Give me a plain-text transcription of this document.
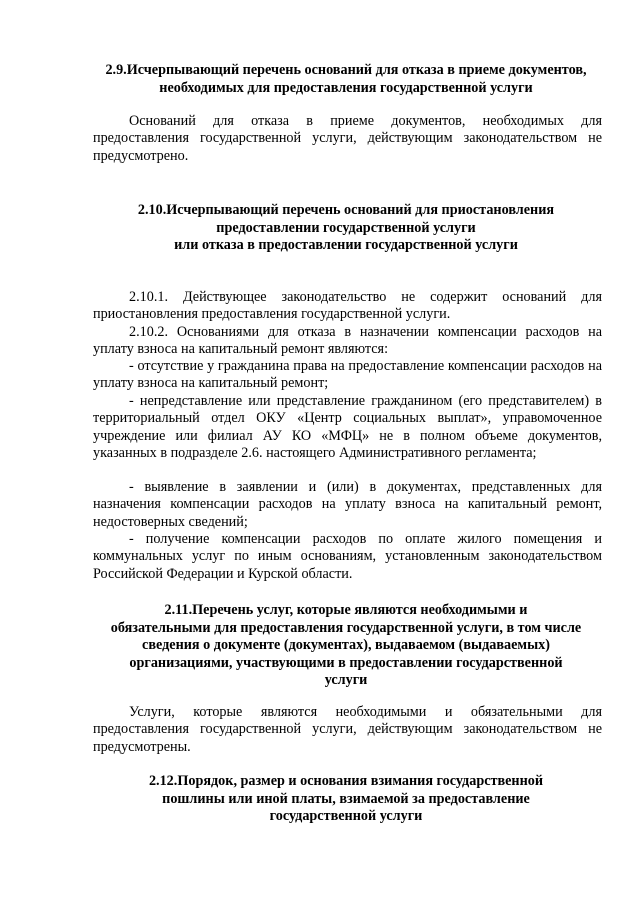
2.9.Исчерпывающий перечень оснований для отказа в приеме документов, необходимых для предоставления государственной услуги

Оснований для отказа в приеме документов, необходимых для предоставления государственной услуги, действующим законодательством не предусмотрено.

2.10.Исчерпывающий перечень оснований для приостановления
предоставлении государственной услуги
или отказа в предоставлении государственной услуги

2.10.1. Действующее законодательство не содержит оснований для приостановления предоставления государственной услуги.

2.10.2. Основаниями для отказа в назначении компенсации расходов на уплату взноса на капитальный ремонт являются:

- отсутствие у гражданина права на предоставление компенсации расходов на уплату взноса на капитальный ремонт;

- непредставление или представление гражданином (его представителем) в территориальный отдел ОКУ «Центр социальных выплат», управомоченное учреждение или филиал АУ КО «МФЦ» не в полном объеме документов, указанных в подразделе 2.6. настоящего Административного регламента;

- выявление в заявлении и (или) в документах, представленных для назначения компенсации расходов на уплату взноса на капитальный ремонт, недостоверных сведений;

- получение компенсации расходов по оплате жилого помещения и коммунальных услуг по иным основаниям, установленным законодательством Российской Федерации и Курской области.

2.11.Перечень услуг, которые являются необходимыми и
обязательными для предоставления государственной услуги, в том числе
сведения о документе (документах), выдаваемом (выдаваемых)
организациями, участвующими в предоставлении государственной
услуги

Услуги, которые являются необходимыми и обязательными для предоставления государственной услуги, действующим законодательством не предусмотрены.

2.12.Порядок, размер и основания взимания государственной
пошлины или иной платы, взимаемой за предоставление
государственной услуги
